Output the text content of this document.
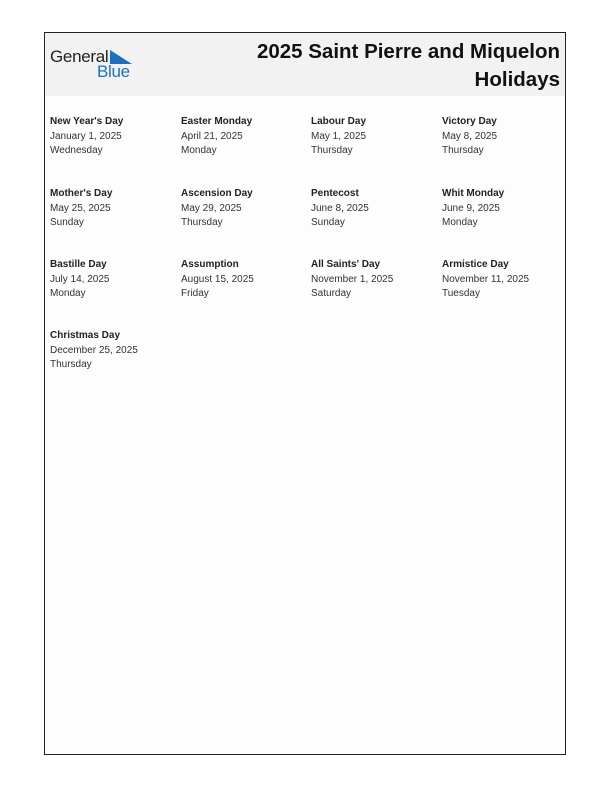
General
Blue
2025 Saint Pierre and Miquelon Holidays
New Year's Day
January 1, 2025
Wednesday
Easter Monday
April 21, 2025
Monday
Labour Day
May 1, 2025
Thursday
Victory Day
May 8, 2025
Thursday
Mother's Day
May 25, 2025
Sunday
Ascension Day
May 29, 2025
Thursday
Pentecost
June 8, 2025
Sunday
Whit Monday
June 9, 2025
Monday
Bastille Day
July 14, 2025
Monday
Assumption
August 15, 2025
Friday
All Saints' Day
November 1, 2025
Saturday
Armistice Day
November 11, 2025
Tuesday
Christmas Day
December 25, 2025
Thursday
